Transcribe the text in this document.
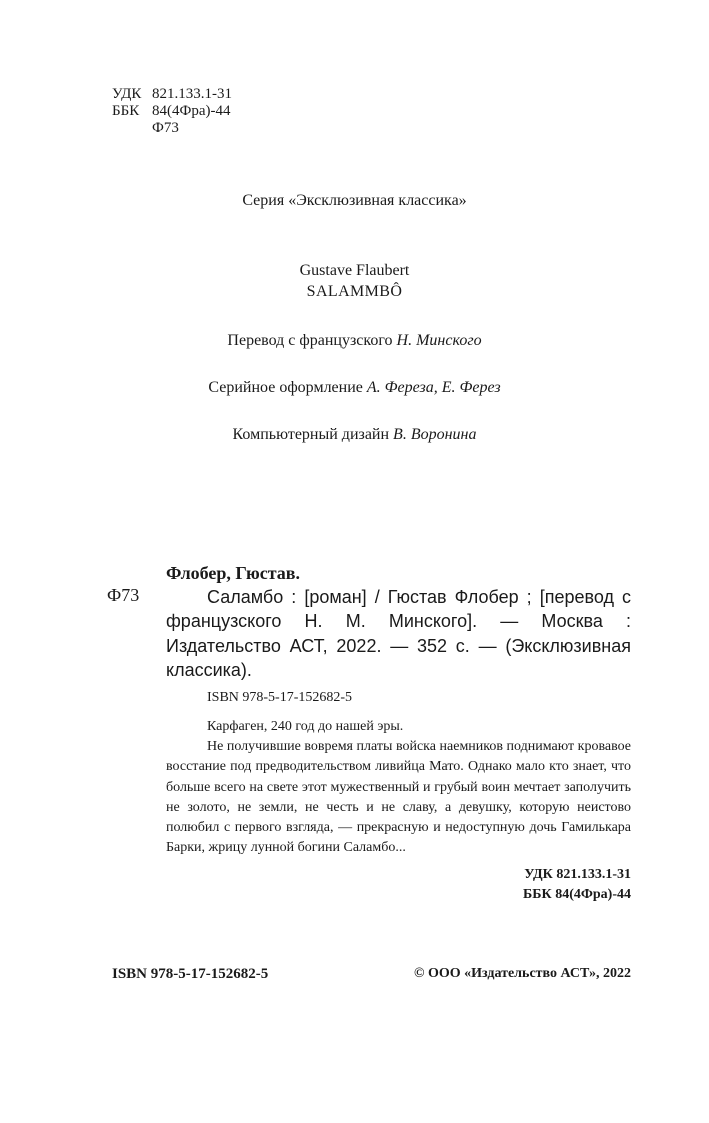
УДК 821.133.1-31
ББК 84(4Фра)-44
Ф73
Серия «Эксклюзивная классика»
Gustave Flaubert
SALAMMBÔ
Перевод с французского Н. Минского
Серийное оформление А. Фереза, Е. Ферез
Компьютерный дизайн В. Воронина
Флобер, Гюстав.
Ф73	Саламбо : [роман] / Гюстав Флобер ; [перевод с французского Н. М. Минского]. — Москва : Издательство АСТ, 2022. — 352 с. — (Эксклюзивная классика).
ISBN 978-5-17-152682-5

Карфаген, 240 год до нашей эры.

Не получившие вовремя платы войска наемников поднимают кровавое восстание под предводительством ливийца Мато. Однако мало кто знает, что больше всего на свете этот мужественный и грубый воин мечтает заполучить не золото, не земли, не честь и не славу, а девушку, которую неистово полюбил с первого взгляда, — прекрасную и недоступную дочь Гамилькара Барки, жрицу лунной богини Саламбо...

УДК 821.133.1-31
ББК 84(4Фра)-44
ISBN 978-5-17-152682-5	© ООО «Издательство АСТ», 2022
